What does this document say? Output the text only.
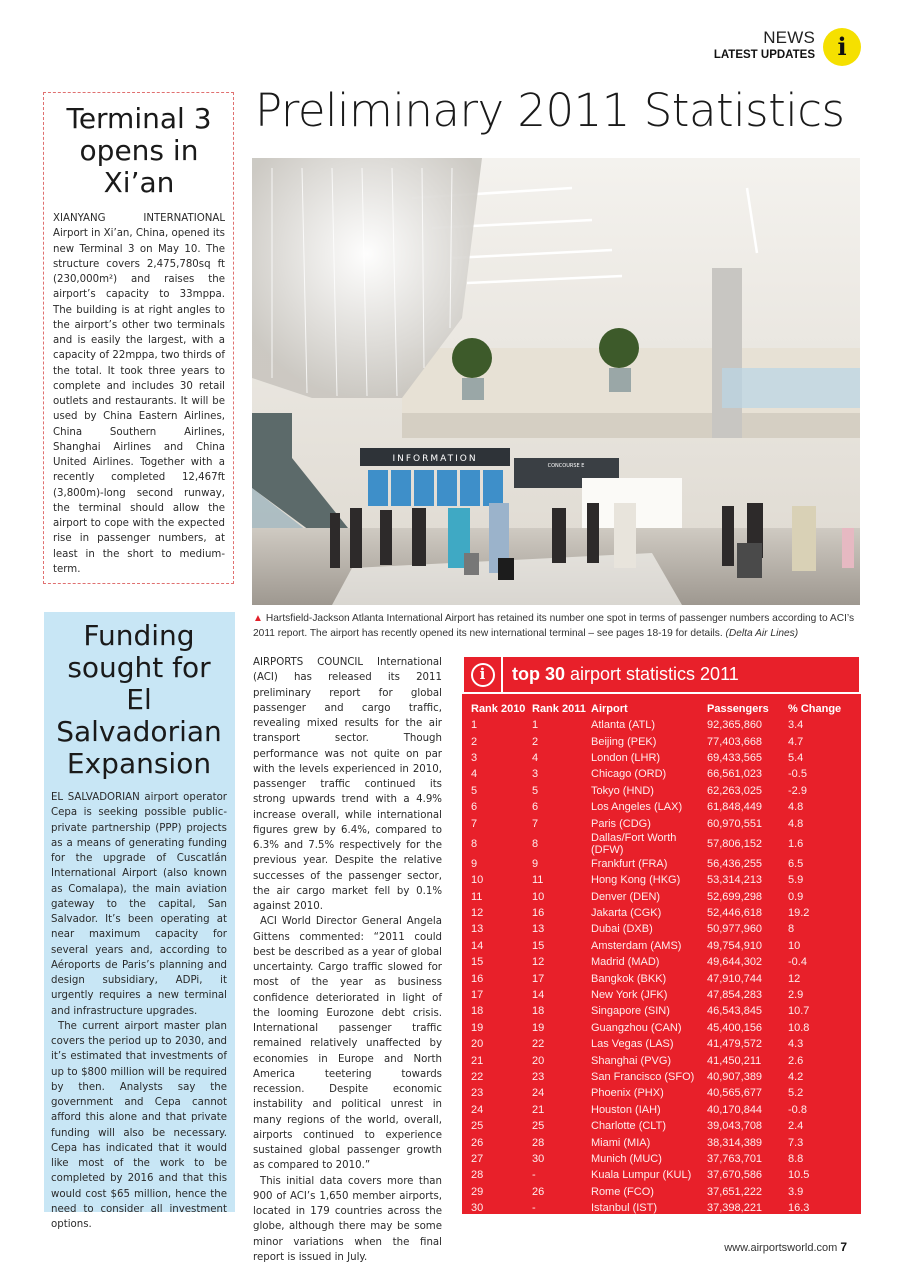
NEWS
LATEST UPDATES i
Preliminary 2011 Statistics
Terminal 3 opens in Xi’an

XIANYANG INTERNATIONAL Airport in Xi’an, China, opened its new Terminal 3 on May 10. The structure covers 2,475,780sq ft (230,000m²) and raises the airport’s capacity to 33mppa. The building is at right angles to the airport’s other two terminals and is easily the largest, with a capacity of 22mppa, two thirds of the total. It took three years to complete and includes 30 retail outlets and restaurants. It will be used by China Eastern Airlines, China Southern Airlines, Shanghai Airlines and China United Airlines. Together with a recently completed 12,467ft (3,800m)-long second runway, the terminal should allow the airport to cope with the expected rise in passenger numbers, at least in the short to medium-term.

Funding sought for El Salvadorian Expansion

EL SALVADORIAN airport operator Cepa is seeking possible public-private partnership (PPP) projects as a means of generating funding for the upgrade of Cuscatlán International Airport (also known as Comalapa), the main aviation gateway to the capital, San Salvador. It’s been operating at near maximum capacity for several years and, according to Aéroports de Paris’s planning and design subsidiary, ADPi, it urgently requires a new terminal and infrastructure upgrades.

The current airport master plan covers the period up to 2030, and it’s estimated that investments of up to $800 million will be required by then. Analysts say the government and Cepa cannot afford this alone and that private funding will also be necessary. Cepa has indicated that it would like most of the work to be completed by 2016 and that this would cost $65 million, hence the need to consider all investment options.

INFORMATION
CONCOURSE E
▲ Hartsfield-Jackson Atlanta International Airport has retained its number one spot in terms of passenger numbers according to ACI’s 2011 report. The airport has recently opened its new international terminal – see pages 18-19 for details. (Delta Air Lines)

AIRPORTS COUNCIL International (ACI) has released its 2011 preliminary report for global passenger and cargo traffic, revealing mixed results for the air transport sector. Though performance was not quite on par with the levels experienced in 2010, passenger traffic continued its strong upwards trend with a 4.9% increase overall, while international figures grew by 6.4%, compared to 6.3% and 7.5% respectively for the previous year. Despite the relative successes of the passenger sector, the air cargo market fell by 0.1% against 2010.

ACI World Director General Angela Gittens commented: “2011 could best be described as a year of global uncertainty. Cargo traffic slowed for most of the year as business confidence deteriorated in light of the looming Eurozone debt crisis. International passenger traffic remained relatively unaffected by economies in Europe and North America teetering towards recession. Despite economic instability and political unrest in many regions of the world, overall, airports continued to experience sustained global passenger growth as compared to 2010.”

This initial data covers more than 900 of ACI’s 1,650 member airports, located in 179 countries across the globe, although there may be some minor variations when the final report is issued in July.

i	top 30 airport statistics 2011
Rank 2010	Rank 2011	Airport	Passengers	% Change
1	1	Atlanta (ATL)	92,365,860	3.4
2	2	Beijing (PEK)	77,403,668	4.7
3	4	London (LHR)	69,433,565	5.4
4	3	Chicago (ORD)	66,561,023	-0.5
5	5	Tokyo (HND)	62,263,025	-2.9
6	6	Los Angeles (LAX)	61,848,449	4.8
7	7	Paris (CDG)	60,970,551	4.8
8	8	Dallas/Fort Worth (DFW)	57,806,152	1.6
9	9	Frankfurt (FRA)	56,436,255	6.5
10	11	Hong Kong (HKG)	53,314,213	5.9
11	10	Denver (DEN)	52,699,298	0.9
12	16	Jakarta (CGK)	52,446,618	19.2
13	13	Dubai (DXB)	50,977,960	8
14	15	Amsterdam (AMS)	49,754,910	10
15	12	Madrid (MAD)	49,644,302	-0.4
16	17	Bangkok (BKK)	47,910,744	12
17	14	New York (JFK)	47,854,283	2.9
18	18	Singapore (SIN)	46,543,845	10.7
19	19	Guangzhou (CAN)	45,400,156	10.8
20	22	Las Vegas (LAS)	41,479,572	4.3
21	20	Shanghai (PVG)	41,450,211	2.6
22	23	San Francisco (SFO)	40,907,389	4.2
23	24	Phoenix (PHX)	40,565,677	5.2
24	21	Houston (IAH)	40,170,844	-0.8
25	25	Charlotte (CLT)	39,043,708	2.4
26	28	Miami (MIA)	38,314,389	7.3
27	30	Munich (MUC)	37,763,701	8.8
28	-	Kuala Lumpur (KUL)	37,670,586	10.5
29	26	Rome (FCO)	37,651,222	3.9
30	-	Istanbul (IST)	37,398,221	16.3
www.airportsworld.com 7
